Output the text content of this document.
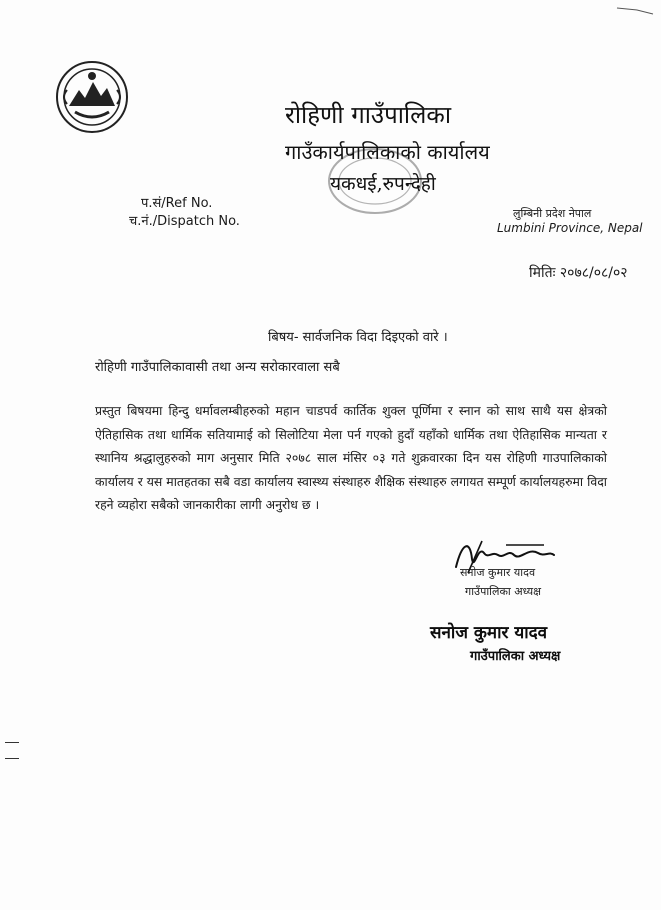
रोहिणी गाउँपालिका
गाउँकार्यपालिकाको कार्यालय
यकधई,रुपन्देही
प.सं/Ref No.
च.नं./Dispatch No.
लुम्बिनी प्रदेश नेपाल
Lumbini Province, Nepal
मितिः २०७८/०८/०२
बिषय- सार्वजनिक विदा दिइएको वारे ।
रोहिणी गाउँपालिकावासी तथा अन्य सरोकारवाला सबै
प्रस्तुत बिषयमा हिन्दु धर्मावलम्बीहरुको महान चाडपर्व कार्तिक शुक्ल पूर्णिमा र स्नान को साथ साथै यस क्षेत्रको ऐतिहासिक तथा धार्मिक सतियामाई को सिलोटिया मेला पर्न गएको हुदाँ यहाँको धार्मिक तथा ऐतिहासिक मान्यता र स्थानिय श्रद्धालुहरुको माग अनुसार मिति २०७८ साल मंसिर ०३ गते शुक्रवारका दिन यस रोहिणी गाउपालिकाको कार्यालय र यस मातहतका सबै वडा कार्यालय स्वास्थ्य संस्थाहरु शैक्षिक संस्थाहरु लगायत सम्पूर्ण कार्यालयहरुमा विदा रहने व्यहोरा सबैको जानकारीका लागी अनुरोध छ ।
सनोज कुमार यादव
गाउँपालिका अध्यक्ष
सनोज कुमार यादव
गाउँपालिका अध्यक्ष
